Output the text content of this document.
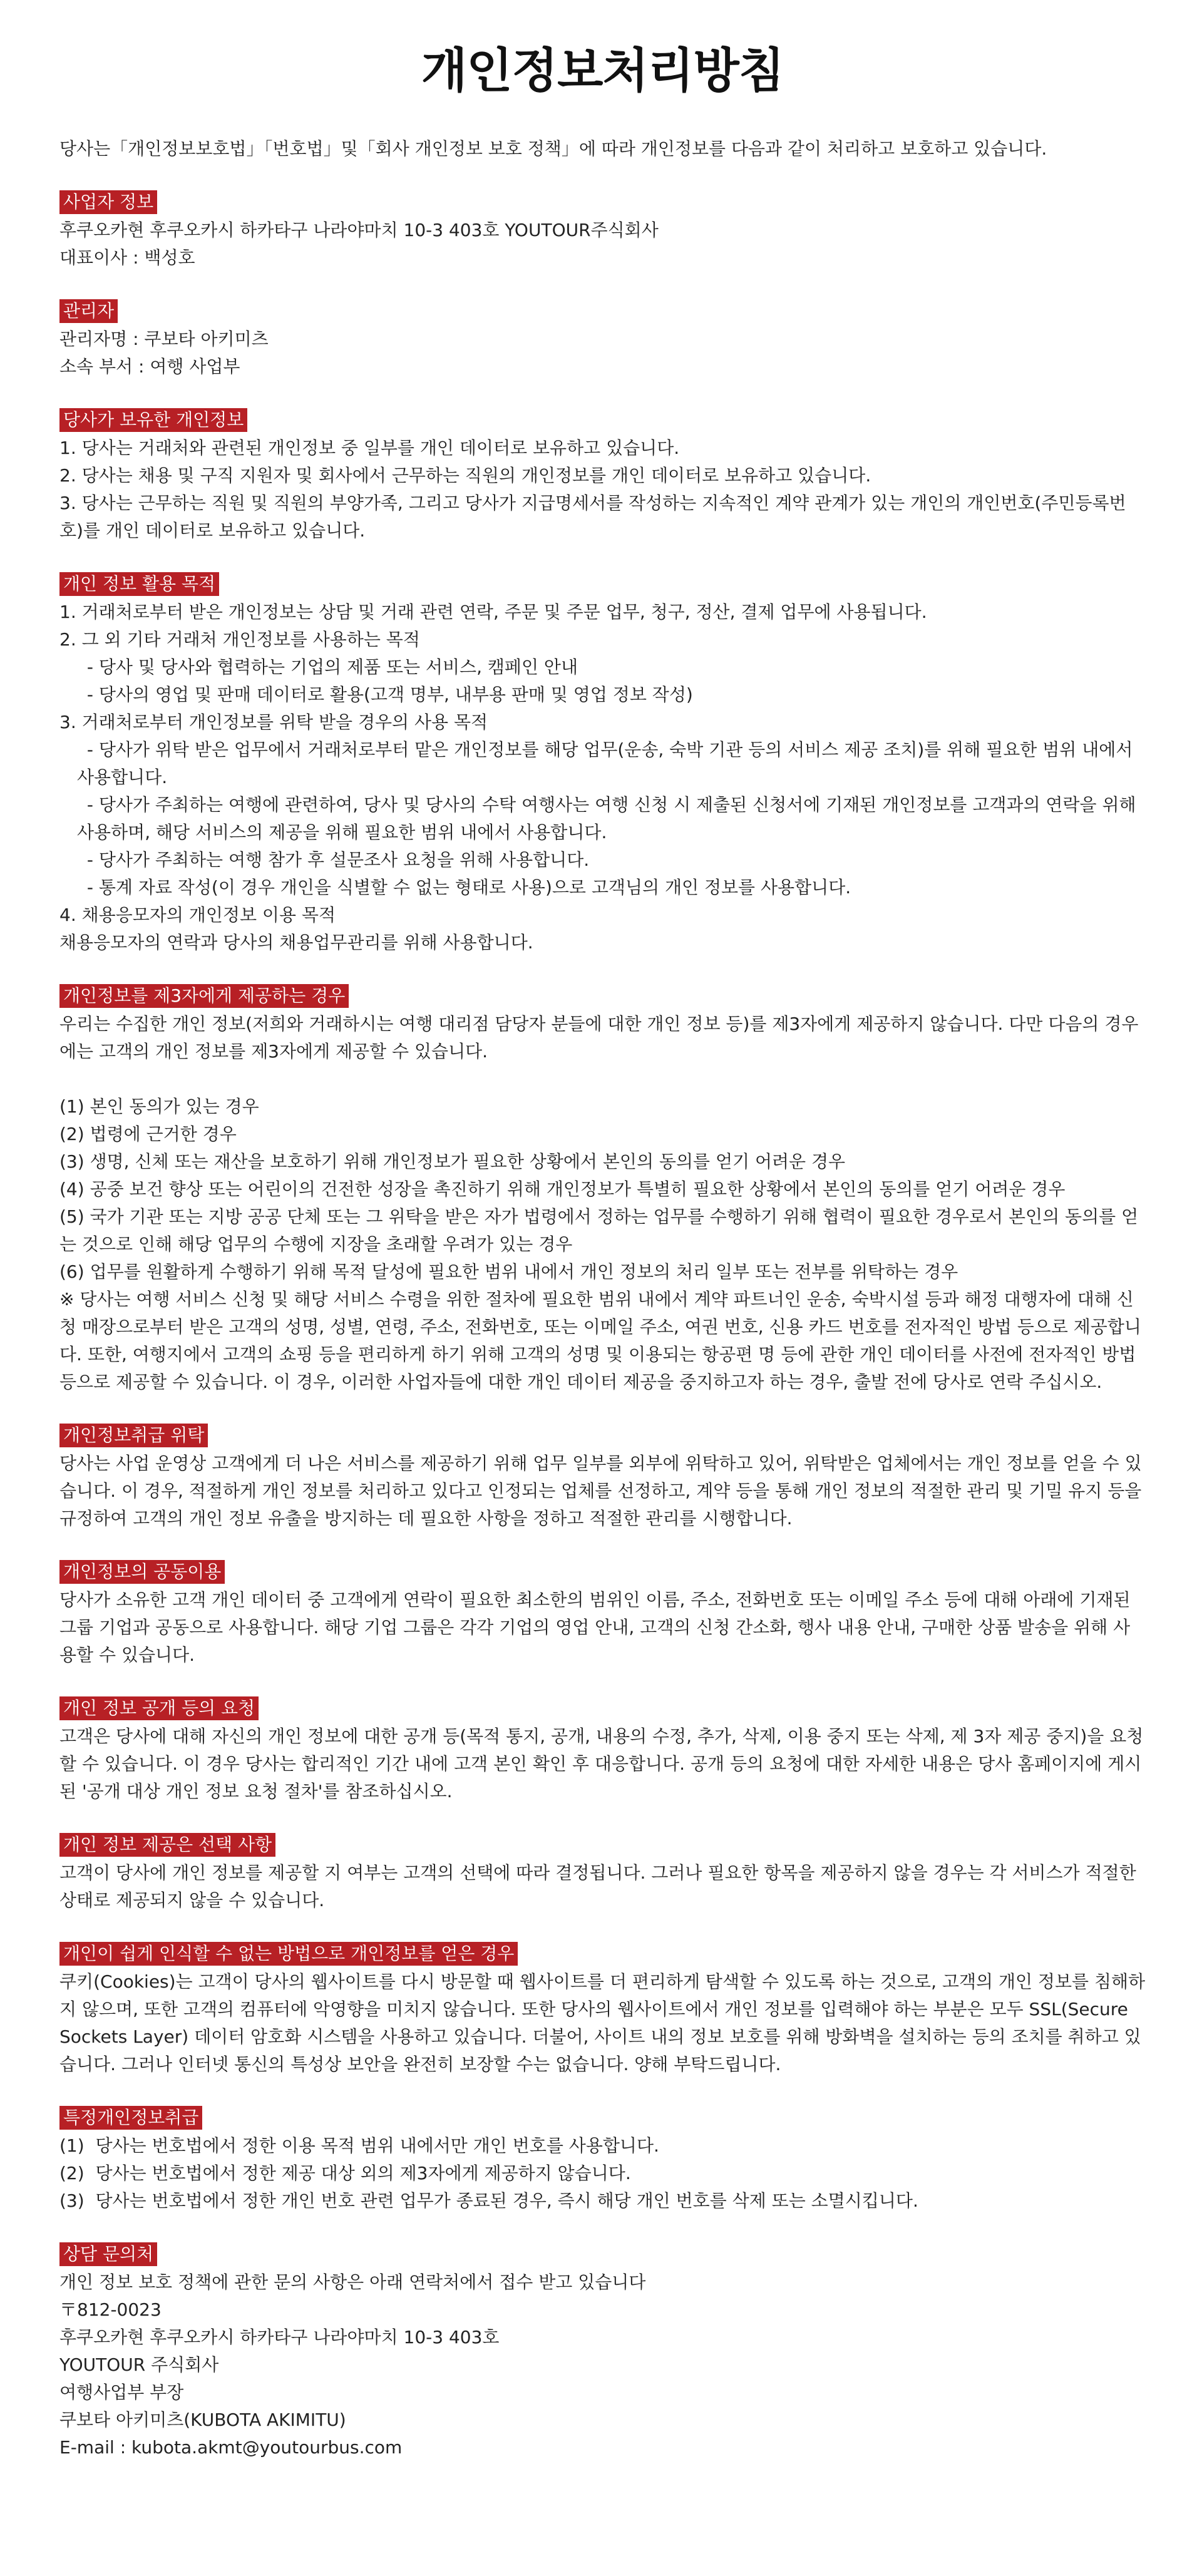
개인정보처리방침
당사는「개인정보보호법」「번호법」및「회사 개인정보 보호 정책」에 따라 개인정보를 다음과 같이 처리하고 보호하고 있습니다.
사업자 정보
후쿠오카현 후쿠오카시 하카타구 나라야마치 10-3 403호 YOUTOUR주식회사
대표이사 : 백성호
관리자
관리자명 : 쿠보타 아키미츠
소속 부서 : 여행 사업부
당사가 보유한 개인정보
1. 당사는 거래처와 관련된 개인정보 중 일부를 개인 데이터로 보유하고 있습니다.
2. 당사는 채용 및 구직 지원자 및 회사에서 근무하는 직원의 개인정보를 개인 데이터로 보유하고 있습니다.
3. 당사는 근무하는 직원 및 직원의 부양가족, 그리고 당사가 지급명세서를 작성하는 지속적인 계약 관계가 있는 개인의 개인번호(주민등록번호)를 개인 데이터로 보유하고 있습니다.
개인 정보 활용 목적
1. 거래처로부터 받은 개인정보는 상담 및 거래 관련 연락, 주문 및 주문 업무, 청구, 정산, 결제 업무에 사용됩니다.
2. 그 외 기타 거래처 개인정보를 사용하는 목적
- 당사 및 당사와 협력하는 기업의 제품 또는 서비스, 캠페인 안내
- 당사의 영업 및 판매 데이터로 활용(고객 명부, 내부용 판매 및 영업 정보 작성)
3. 거래처로부터 개인정보를 위탁 받을 경우의 사용 목적
- 당사가 위탁 받은 업무에서 거래처로부터 맡은 개인정보를 해당 업무(운송, 숙박 기관 등의 서비스 제공 조치)를 위해 필요한 범위 내에서 사용합니다.
- 당사가 주최하는 여행에 관련하여, 당사 및 당사의 수탁 여행사는 여행 신청 시 제출된 신청서에 기재된 개인정보를 고객과의 연락을 위해 사용하며, 해당 서비스의 제공을 위해 필요한 범위 내에서 사용합니다.
- 당사가 주최하는 여행 참가 후 설문조사 요청을 위해 사용합니다.
- 통계 자료 작성(이 경우 개인을 식별할 수 없는 형태로 사용)으로 고객님의 개인 정보를 사용합니다.
4. 채용응모자의 개인정보 이용 목적
채용응모자의 연락과 당사의 채용업무관리를 위해 사용합니다.
개인정보를 제3자에게 제공하는 경우
우리는 수집한 개인 정보(저희와 거래하시는 여행 대리점 담당자 분들에 대한 개인 정보 등)를 제3자에게 제공하지 않습니다. 다만 다음의 경우에는 고객의 개인 정보를 제3자에게 제공할 수 있습니다.

(1) 본인 동의가 있는 경우
(2) 법령에 근거한 경우
(3) 생명, 신체 또는 재산을 보호하기 위해 개인정보가 필요한 상황에서 본인의 동의를 얻기 어려운 경우
(4) 공중 보건 향상 또는 어린이의 건전한 성장을 촉진하기 위해 개인정보가 특별히 필요한 상황에서 본인의 동의를 얻기 어려운 경우
(5) 국가 기관 또는 지방 공공 단체 또는 그 위탁을 받은 자가 법령에서 정하는 업무를 수행하기 위해 협력이 필요한 경우로서 본인의 동의를 얻는 것으로 인해 해당 업무의 수행에 지장을 초래할 우려가 있는 경우
(6) 업무를 원활하게 수행하기 위해 목적 달성에 필요한 범위 내에서 개인 정보의 처리 일부 또는 전부를 위탁하는 경우
※ 당사는 여행 서비스 신청 및 해당 서비스 수령을 위한 절차에 필요한 범위 내에서 계약 파트너인 운송, 숙박시설 등과 해정 대행자에 대해 신청 매장으로부터 받은 고객의 성명, 성별, 연령, 주소, 전화번호, 또는 이메일 주소, 여권 번호, 신용 카드 번호를 전자적인 방법 등으로 제공합니다. 또한, 여행지에서 고객의 쇼핑 등을 편리하게 하기 위해 고객의 성명 및 이용되는 항공편 명 등에 관한 개인 데이터를 사전에 전자적인 방법 등으로 제공할 수 있습니다. 이 경우, 이러한 사업자들에 대한 개인 데이터 제공을 중지하고자 하는 경우, 출발 전에 당사로 연락 주십시오.
개인정보취급 위탁
당사는 사업 운영상 고객에게 더 나은 서비스를 제공하기 위해 업무 일부를 외부에 위탁하고 있어, 위탁받은 업체에서는 개인 정보를 얻을 수 있습니다. 이 경우, 적절하게 개인 정보를 처리하고 있다고 인정되는 업체를 선정하고, 계약 등을 통해 개인 정보의 적절한 관리 및 기밀 유지 등을 규정하여 고객의 개인 정보 유출을 방지하는 데 필요한 사항을 정하고 적절한 관리를 시행합니다.
개인정보의 공동이용
당사가 소유한 고객 개인 데이터 중 고객에게 연락이 필요한 최소한의 범위인 이름, 주소, 전화번호 또는 이메일 주소 등에 대해 아래에 기재된 그룹 기업과 공동으로 사용합니다. 해당 기업 그룹은 각각 기업의 영업 안내, 고객의 신청 간소화, 행사 내용 안내, 구매한 상품 발송을 위해 사용할 수 있습니다.
개인 정보 공개 등의 요청
고객은 당사에 대해 자신의 개인 정보에 대한 공개 등(목적 통지, 공개, 내용의 수정, 추가, 삭제, 이용 중지 또는 삭제, 제 3자 제공 중지)을 요청할 수 있습니다. 이 경우 당사는 합리적인 기간 내에 고객 본인 확인 후 대응합니다. 공개 등의 요청에 대한 자세한 내용은 당사 홈페이지에 게시된 '공개 대상 개인 정보 요청 절차'를 참조하십시오.
개인 정보 제공은 선택 사항
고객이 당사에 개인 정보를 제공할 지 여부는 고객의 선택에 따라 결정됩니다. 그러나 필요한 항목을 제공하지 않을 경우는 각 서비스가 적절한 상태로 제공되지 않을 수 있습니다.
개인이 쉽게 인식할 수 없는 방법으로 개인정보를 얻은 경우
쿠키(Cookies)는 고객이 당사의 웹사이트를 다시 방문할 때 웹사이트를 더 편리하게 탐색할 수 있도록 하는 것으로, 고객의 개인 정보를 침해하지 않으며, 또한 고객의 컴퓨터에 악영향을 미치지 않습니다. 또한 당사의 웹사이트에서 개인 정보를 입력해야 하는 부분은 모두 SSL(Secure Sockets Layer) 데이터 암호화 시스템을 사용하고 있습니다. 더불어, 사이트 내의 정보 보호를 위해 방화벽을 설치하는 등의 조치를 취하고 있습니다. 그러나 인터넷 통신의 특성상 보안을 완전히 보장할 수는 없습니다. 양해 부탁드립니다.
특정개인정보취급
(1)  당사는 번호법에서 정한 이용 목적 범위 내에서만 개인 번호를 사용합니다.
(2)  당사는 번호법에서 정한 제공 대상 외의 제3자에게 제공하지 않습니다.
(3)  당사는 번호법에서 정한 개인 번호 관련 업무가 종료된 경우, 즉시 해당 개인 번호를 삭제 또는 소멸시킵니다.
상담 문의처
개인 정보 보호 정책에 관한 문의 사항은 아래 연락처에서 접수 받고 있습니다
〒812-0023
후쿠오카현 후쿠오카시 하카타구 나라야마치 10-3 403호
YOUTOUR 주식회사
여행사업부 부장
쿠보타 아키미츠(KUBOTA AKIMITU)
E-mail : kubota.akmt@youtourbus.com
